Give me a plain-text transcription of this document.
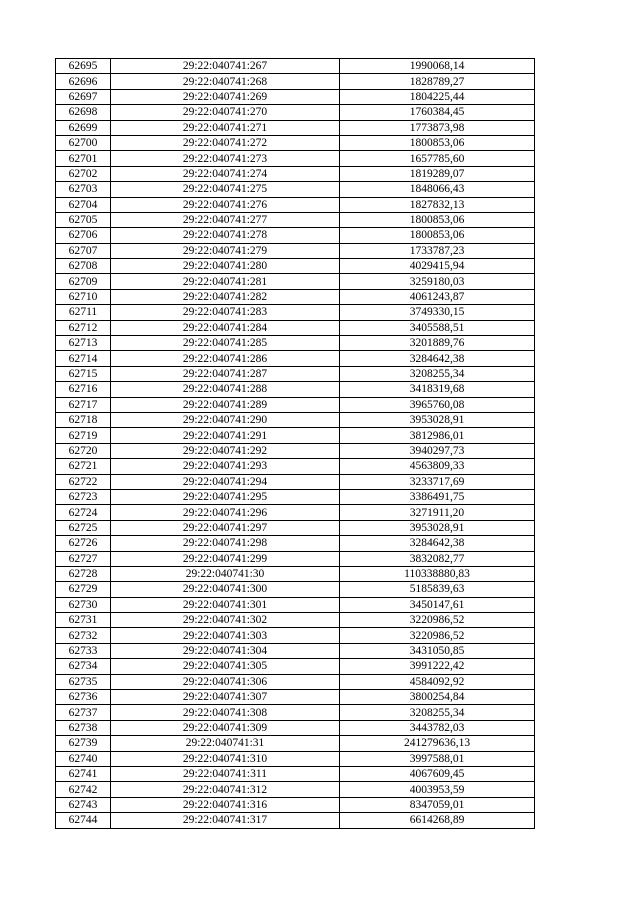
62695	29:22:040741:267	1990068,14
62696	29:22:040741:268	1828789,27
62697	29:22:040741:269	1804225,44
62698	29:22:040741:270	1760384,45
62699	29:22:040741:271	1773873,98
62700	29:22:040741:272	1800853,06
62701	29:22:040741:273	1657785,60
62702	29:22:040741:274	1819289,07
62703	29:22:040741:275	1848066,43
62704	29:22:040741:276	1827832,13
62705	29:22:040741:277	1800853,06
62706	29:22:040741:278	1800853,06
62707	29:22:040741:279	1733787,23
62708	29:22:040741:280	4029415,94
62709	29:22:040741:281	3259180,03
62710	29:22:040741:282	4061243,87
62711	29:22:040741:283	3749330,15
62712	29:22:040741:284	3405588,51
62713	29:22:040741:285	3201889,76
62714	29:22:040741:286	3284642,38
62715	29:22:040741:287	3208255,34
62716	29:22:040741:288	3418319,68
62717	29:22:040741:289	3965760,08
62718	29:22:040741:290	3953028,91
62719	29:22:040741:291	3812986,01
62720	29:22:040741:292	3940297,73
62721	29:22:040741:293	4563809,33
62722	29:22:040741:294	3233717,69
62723	29:22:040741:295	3386491,75
62724	29:22:040741:296	3271911,20
62725	29:22:040741:297	3953028,91
62726	29:22:040741:298	3284642,38
62727	29:22:040741:299	3832082,77
62728	29:22:040741:30	110338880,83
62729	29:22:040741:300	5185839,63
62730	29:22:040741:301	3450147,61
62731	29:22:040741:302	3220986,52
62732	29:22:040741:303	3220986,52
62733	29:22:040741:304	3431050,85
62734	29:22:040741:305	3991222,42
62735	29:22:040741:306	4584092,92
62736	29:22:040741:307	3800254,84
62737	29:22:040741:308	3208255,34
62738	29:22:040741:309	3443782,03
62739	29:22:040741:31	241279636,13
62740	29:22:040741:310	3997588,01
62741	29:22:040741:311	4067609,45
62742	29:22:040741:312	4003953,59
62743	29:22:040741:316	8347059,01
62744	29:22:040741:317	6614268,89
